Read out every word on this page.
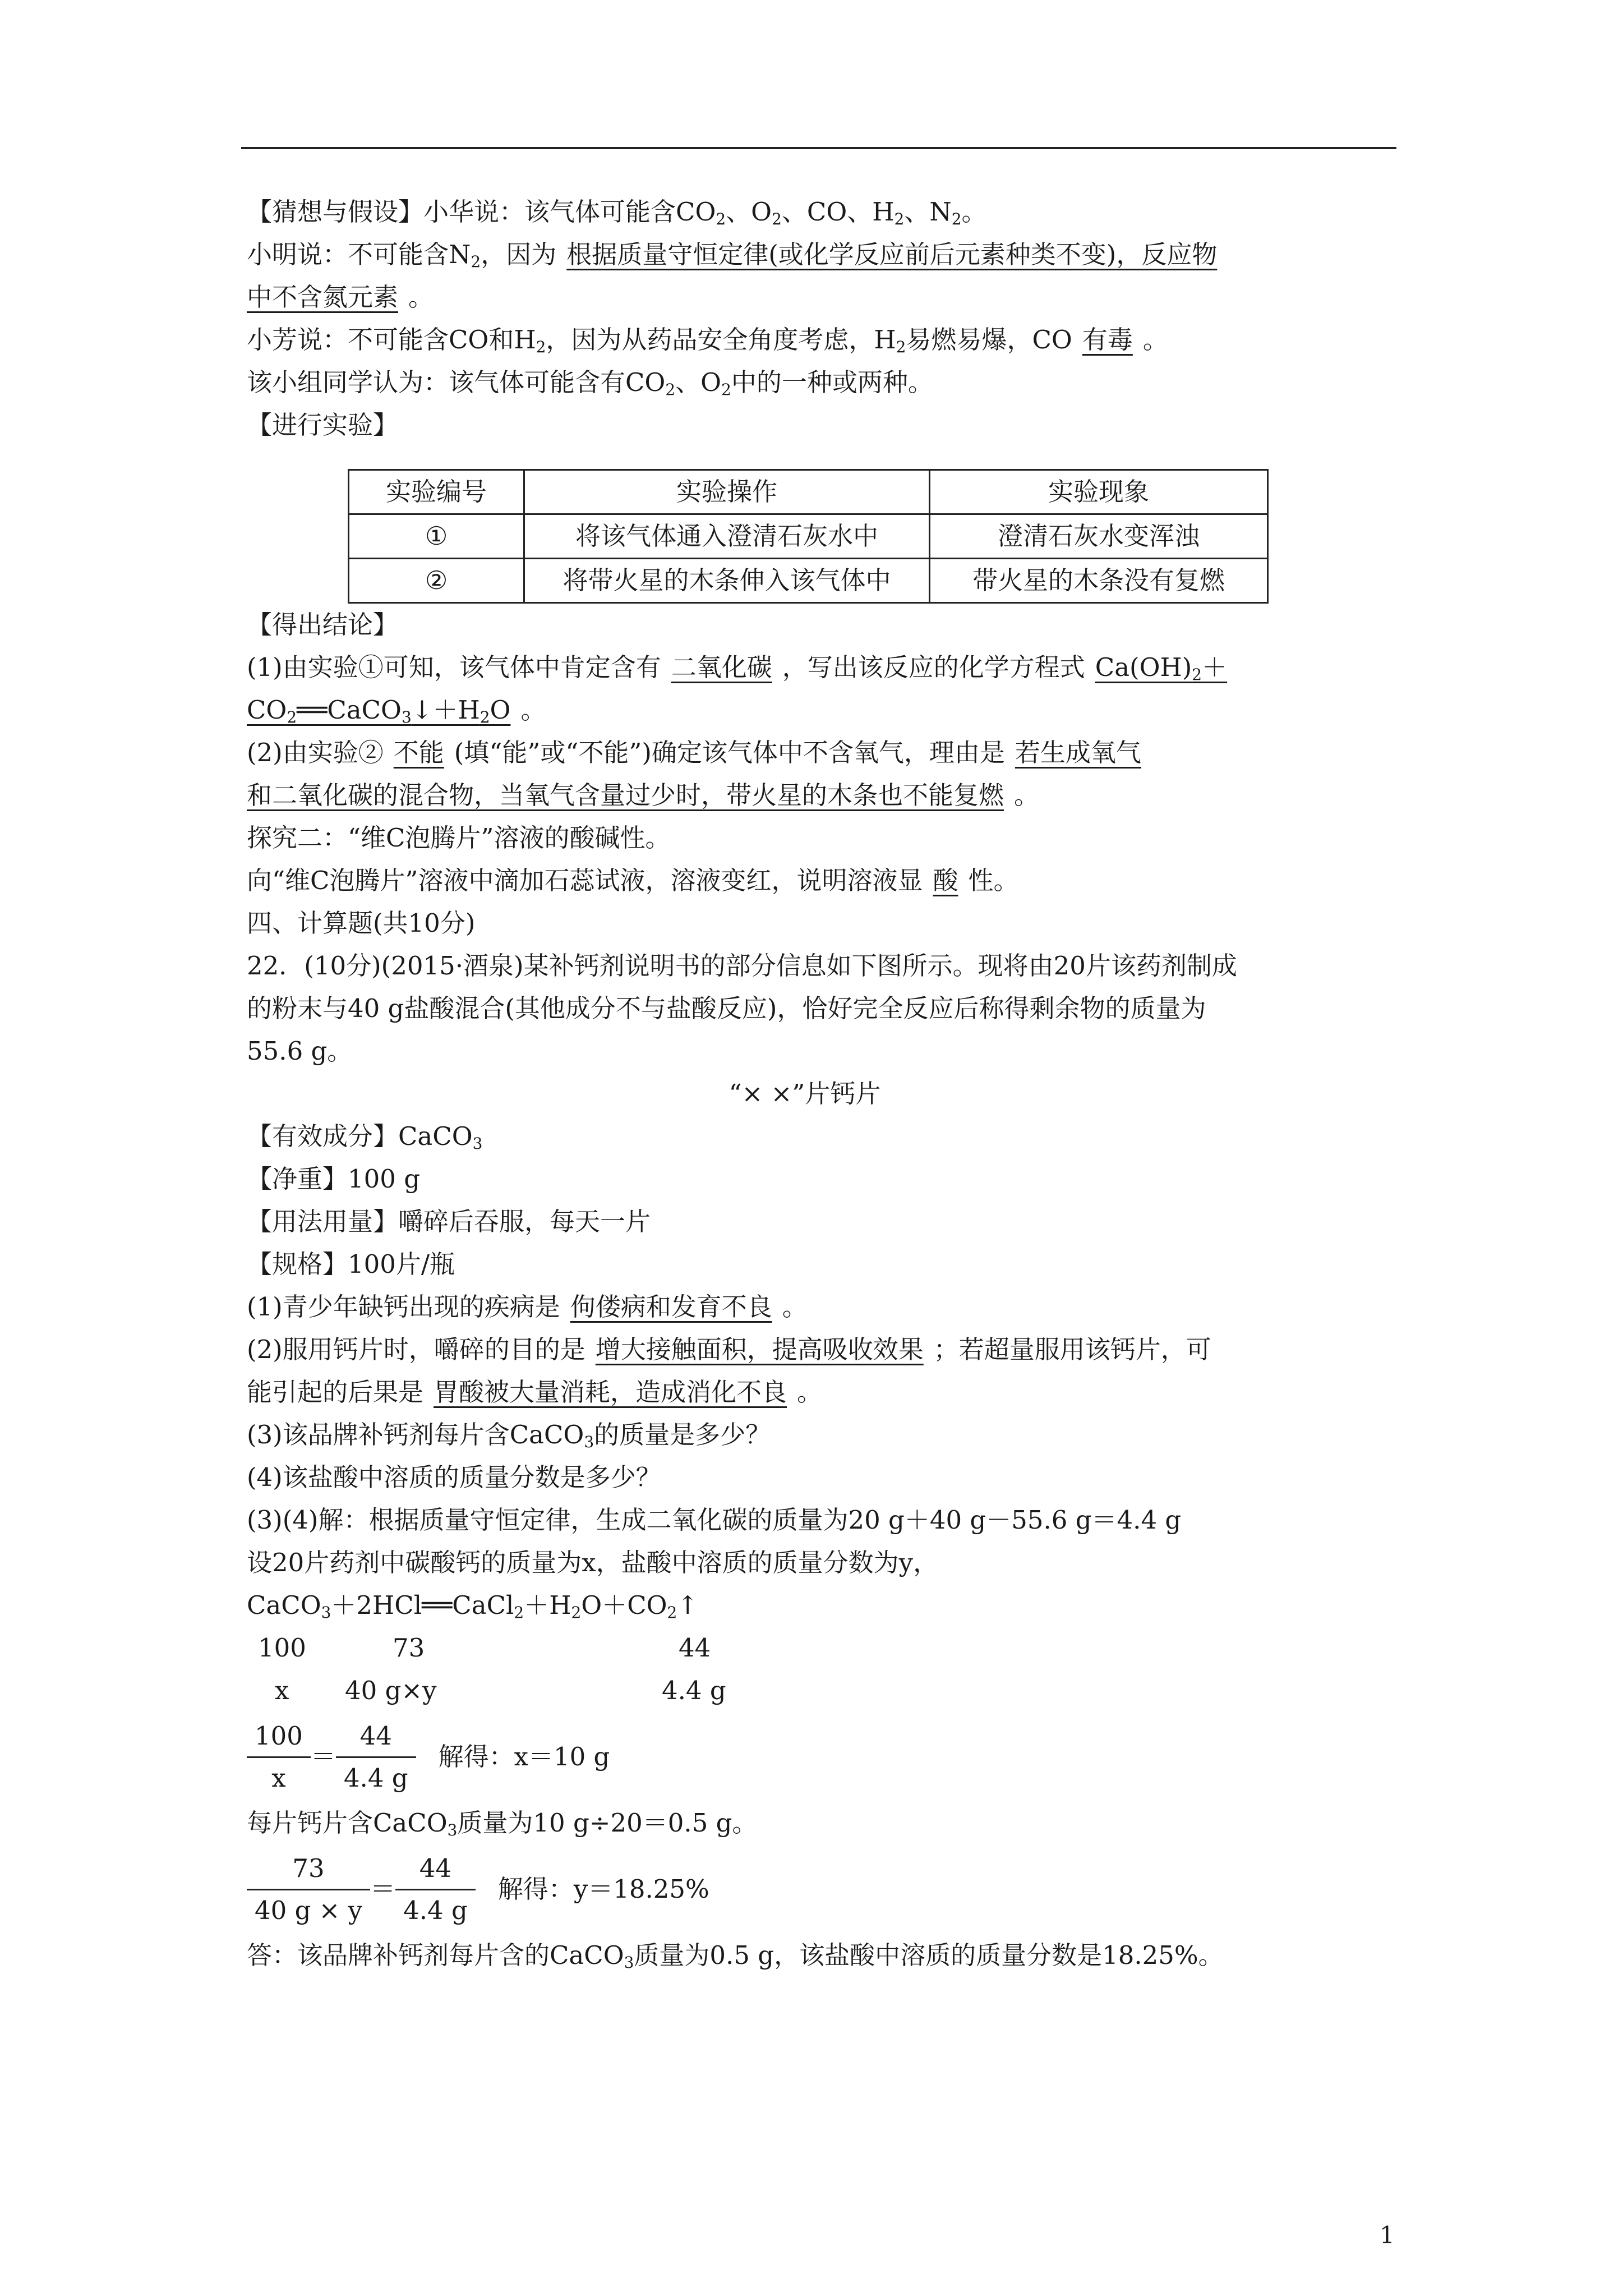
【猜想与假设】小华说：该气体可能含$CO_2$、$O_2$、CO、$H_2$、$N_2$。
小明说：不可能含$N_2$，因为 根据质量守恒定律(或化学反应前后元素种类不变)，反应物
中不含氮元素 。
小芳说：不可能含CO和$H_2$，因为从药品安全角度考虑，$H_2$易燃易爆，CO 有毒 。
该小组同学认为：该气体可能含有$CO_2$、$O_2$中的一种或两种。
【进行实验】
实验编号	实验操作	实验现象
①	将该气体通入澄清石灰水中	澄清石灰水变浑浊
②	将带火星的木条伸入该气体中	带火星的木条没有复燃
【得出结论】
(1)由实验①可知，该气体中肯定含有 二氧化碳 ，写出该反应的化学方程式 $Ca(OH)_2+$
$CO_2══CaCO_3↓+H_2O$ 。
(2)由实验② 不能 (填“能”或“不能”)确定该气体中不含氧气，理由是 若生成氧气
和二氧化碳的混合物，当氧气含量过少时，带火星的木条也不能复燃 。
探究二：“维C泡腾片”溶液的酸碱性。
向“维C泡腾片”溶液中滴加石蕊试液，溶液变红，说明溶液显 酸 性。
四、计算题(共10分)
22．(10分)(2015·酒泉)某补钙剂说明书的部分信息如下图所示。现将由20片该药剂制成
的粉末与40 g盐酸混合(其他成分不与盐酸反应)，恰好完全反应后称得剩余物的质量为
55.6 g。
“× ×”片钙片
【有效成分】CaCO$_3$
【净重】100 g
【用法用量】嚼碎后吞服，每天一片
【规格】100片/瓶
(1)青少年缺钙出现的疾病是 佝偻病和发育不良 。
(2)服用钙片时，嚼碎的目的是 增大接触面积，提高吸收效果 ；若超量服用该钙片，可
能引起的后果是 胃酸被大量消耗，造成消化不良 。
(3)该品牌补钙剂每片含CaCO$_3$的质量是多少？
(4)该盐酸中溶质的质量分数是多少？
(3)(4)解：根据质量守恒定律，生成二氧化碳的质量为20 g＋40 g－55.6 g＝4.4 g
设20片药剂中碳酸钙的质量为x，盐酸中溶质的质量分数为y，
$CaCO_3+2HCl══CaCl_2+H_2O+CO_2↑$
100	73	44
x 40 g×y	4.4 g
$\frac{100}{x} = \frac{44}{4.4 g}$ 解得：x＝10 g
每片钙片含CaCO$_3$质量为10 g÷20＝0.5 g。
$\frac{73}{40 g \times y} = \frac{44}{4.4 g}$ 解得：y＝18.25%
答：该品牌补钙剂每片含的CaCO$_3$质量为0.5 g，该盐酸中溶质的质量分数是18.25%。
1
